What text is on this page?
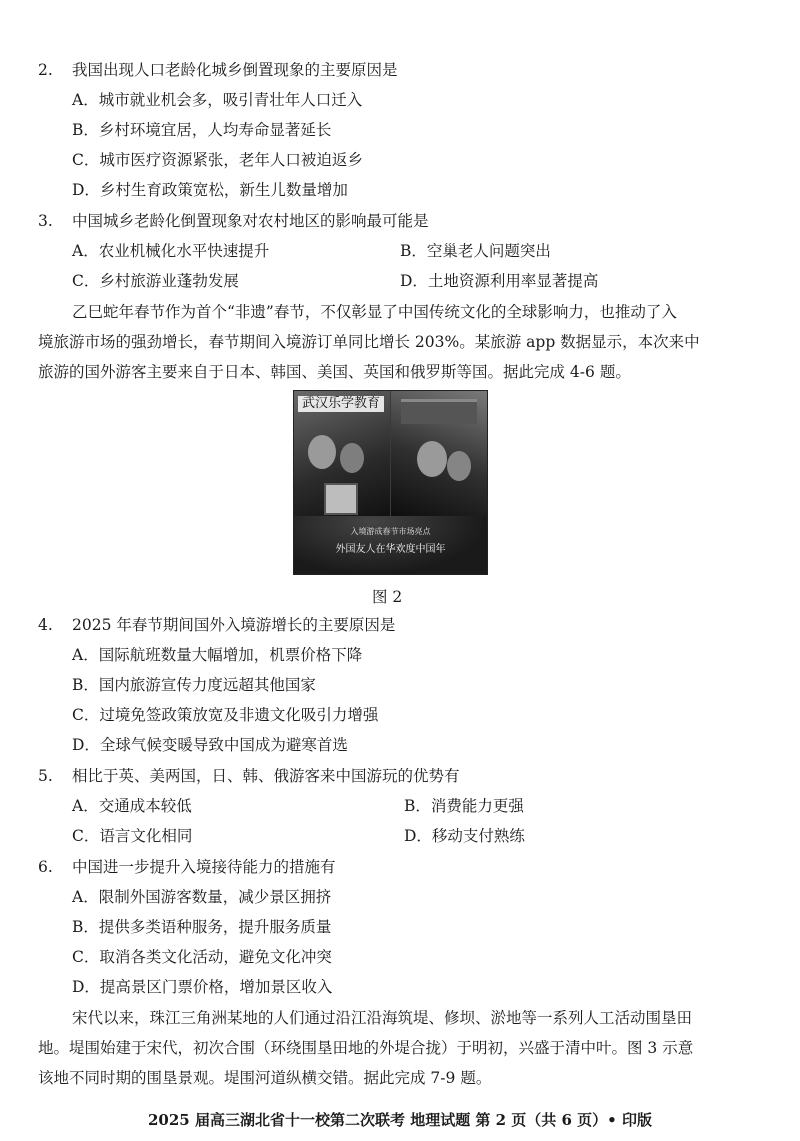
2. 我国出现人口老龄化城乡倒置现象的主要原因是
A．城市就业机会多，吸引青壮年人口迁入
B．乡村环境宜居，人均寿命显著延长
C．城市医疗资源紧张，老年人口被迫返乡
D．乡村生育政策宽松，新生儿数量增加
3. 中国城乡老龄化倒置现象对农村地区的影响最可能是
A．农业机械化水平快速提升	B．空巢老人问题突出
C．乡村旅游业蓬勃发展	D．土地资源利用率显著提高
乙巳蛇年春节作为首个“非遗”春节，不仅彰显了中国传统文化的全球影响力，也推动了入
境旅游市场的强劲增长，春节期间入境游订单同比增长 203%。某旅游 app 数据显示，本次来中
旅游的国外游客主要来自于日本、韩国、美国、英国和俄罗斯等国。据此完成 4-6 题。
武汉乐学教育
入境游成春节市场亮点
外国友人在华欢度中国年
图 2
4. 2025 年春节期间国外入境游增长的主要原因是
A．国际航班数量大幅增加，机票价格下降
B．国内旅游宣传力度远超其他国家
C．过境免签政策放宽及非遗文化吸引力增强
D．全球气候变暖导致中国成为避寒首选
5. 相比于英、美两国，日、韩、俄游客来中国游玩的优势有
A．交通成本较低	B．消费能力更强
C．语言文化相同	D．移动支付熟练
6. 中国进一步提升入境接待能力的措施有
A．限制外国游客数量，减少景区拥挤
B．提供多类语种服务，提升服务质量
C．取消各类文化活动，避免文化冲突
D．提高景区门票价格，增加景区收入
宋代以来，珠江三角洲某地的人们通过沿江沿海筑堤、修坝、淤地等一系列人工活动围垦田
地。堤围始建于宋代，初次合围（环绕围垦田地的外堤合拢）于明初，兴盛于清中叶。图 3 示意
该地不同时期的围垦景观。堤围河道纵横交错。据此完成 7-9 题。
2025 届高三湖北省十一校第二次联考 地理试题 第 2 页（共 6 页）• 印版
